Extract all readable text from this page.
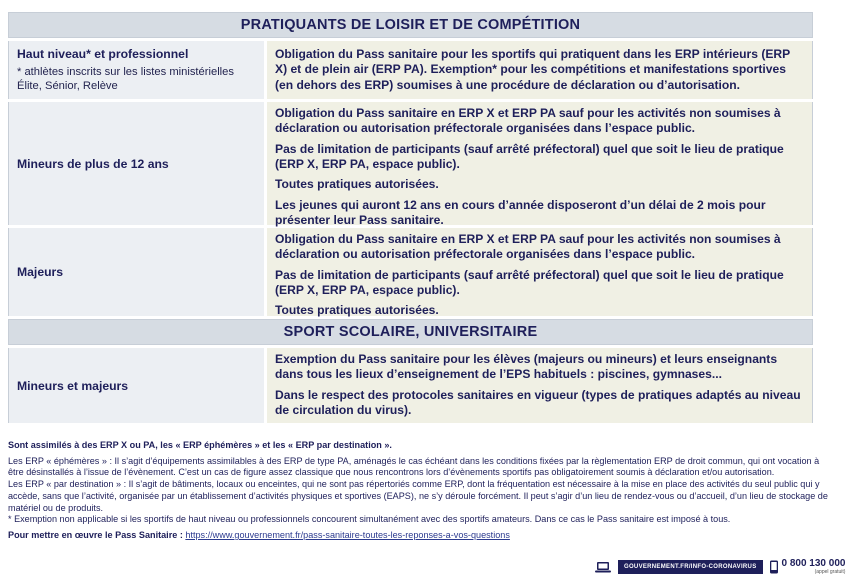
PRATIQUANTS DE LOISIR ET DE COMPÉTITION
Haut niveau* et professionnel
* athlètes inscrits sur les listes ministérielles Élite, Sénior, Relève
Obligation du Pass sanitaire pour les sportifs qui pratiquent dans les ERP intérieurs (ERP X) et de plein air (ERP PA). Exemption* pour les compétitions et manifestations sportives (en dehors des ERP) soumises à une procédure de déclaration ou d’autorisation.
Mineurs de plus de 12 ans
Obligation du Pass sanitaire en ERP X et ERP PA sauf pour les activités non soumises à déclaration ou autorisation préfectorale organisées dans l’espace public.
Pas de limitation de participants (sauf arrêté préfectoral) quel que soit le lieu de pratique (ERP X, ERP PA, espace public).
Toutes pratiques autorisées.
Les jeunes qui auront 12 ans en cours d’année disposeront d’un délai de 2 mois pour présenter leur Pass sanitaire.
Majeurs
Obligation du Pass sanitaire en ERP X et ERP PA sauf pour les activités non soumises à déclaration ou autorisation préfectorale organisées dans l’espace public.
Pas de limitation de participants (sauf arrêté préfectoral) quel que soit le lieu de pratique (ERP X, ERP PA, espace public).
Toutes pratiques autorisées.
SPORT SCOLAIRE, UNIVERSITAIRE
Mineurs et majeurs
Exemption du Pass sanitaire pour les élèves (majeurs ou mineurs) et leurs enseignants dans tous les lieux d’enseignement de l’EPS habituels : piscines, gymnases...
Dans le respect des protocoles sanitaires en vigueur (types de pratiques adaptés au niveau de circulation du virus).

Sont assimilés à des ERP X ou PA, les « ERP éphémères » et les « ERP par destination ».

Les ERP « éphémères » : Il s’agit d’équipements assimilables à des ERP de type PA, aménagés le cas échéant dans les conditions fixées par la règlementation ERP de droit commun, qui ont vocation à être désinstallés à l’issue de l’évènement. C’est un cas de figure assez classique que nous rencontrons lors d’évènements sportifs pas obligatoirement soumis à déclaration et/ou autorisation.

Les ERP « par destination » : Il s’agit de bâtiments, locaux ou enceintes, qui ne sont pas répertoriés comme ERP, dont la fréquentation est nécessaire à la mise en place des activités du seul public qui y accède, sans que l’activité, organisée par un établissement d’activités physiques et sportives (EAPS), ne s’y déroule forcément. Il peut s’agir d’un lieu de rendez-vous ou d’accueil, d’un lieu de stockage de matériel ou de produits.

* Exemption non applicable si les sportifs de haut niveau ou professionnels concourent simultanément avec des sportifs amateurs. Dans ce cas le Pass sanitaire est imposé à tous.

Pour mettre en œuvre le Pass Sanitaire : https://www.gouvernement.fr/pass-sanitaire-toutes-les-reponses-a-vos-questions

GOUVERNEMENT.FR/INFO-CORONAVIRUS	0 800 130 000
(appel gratuit)
